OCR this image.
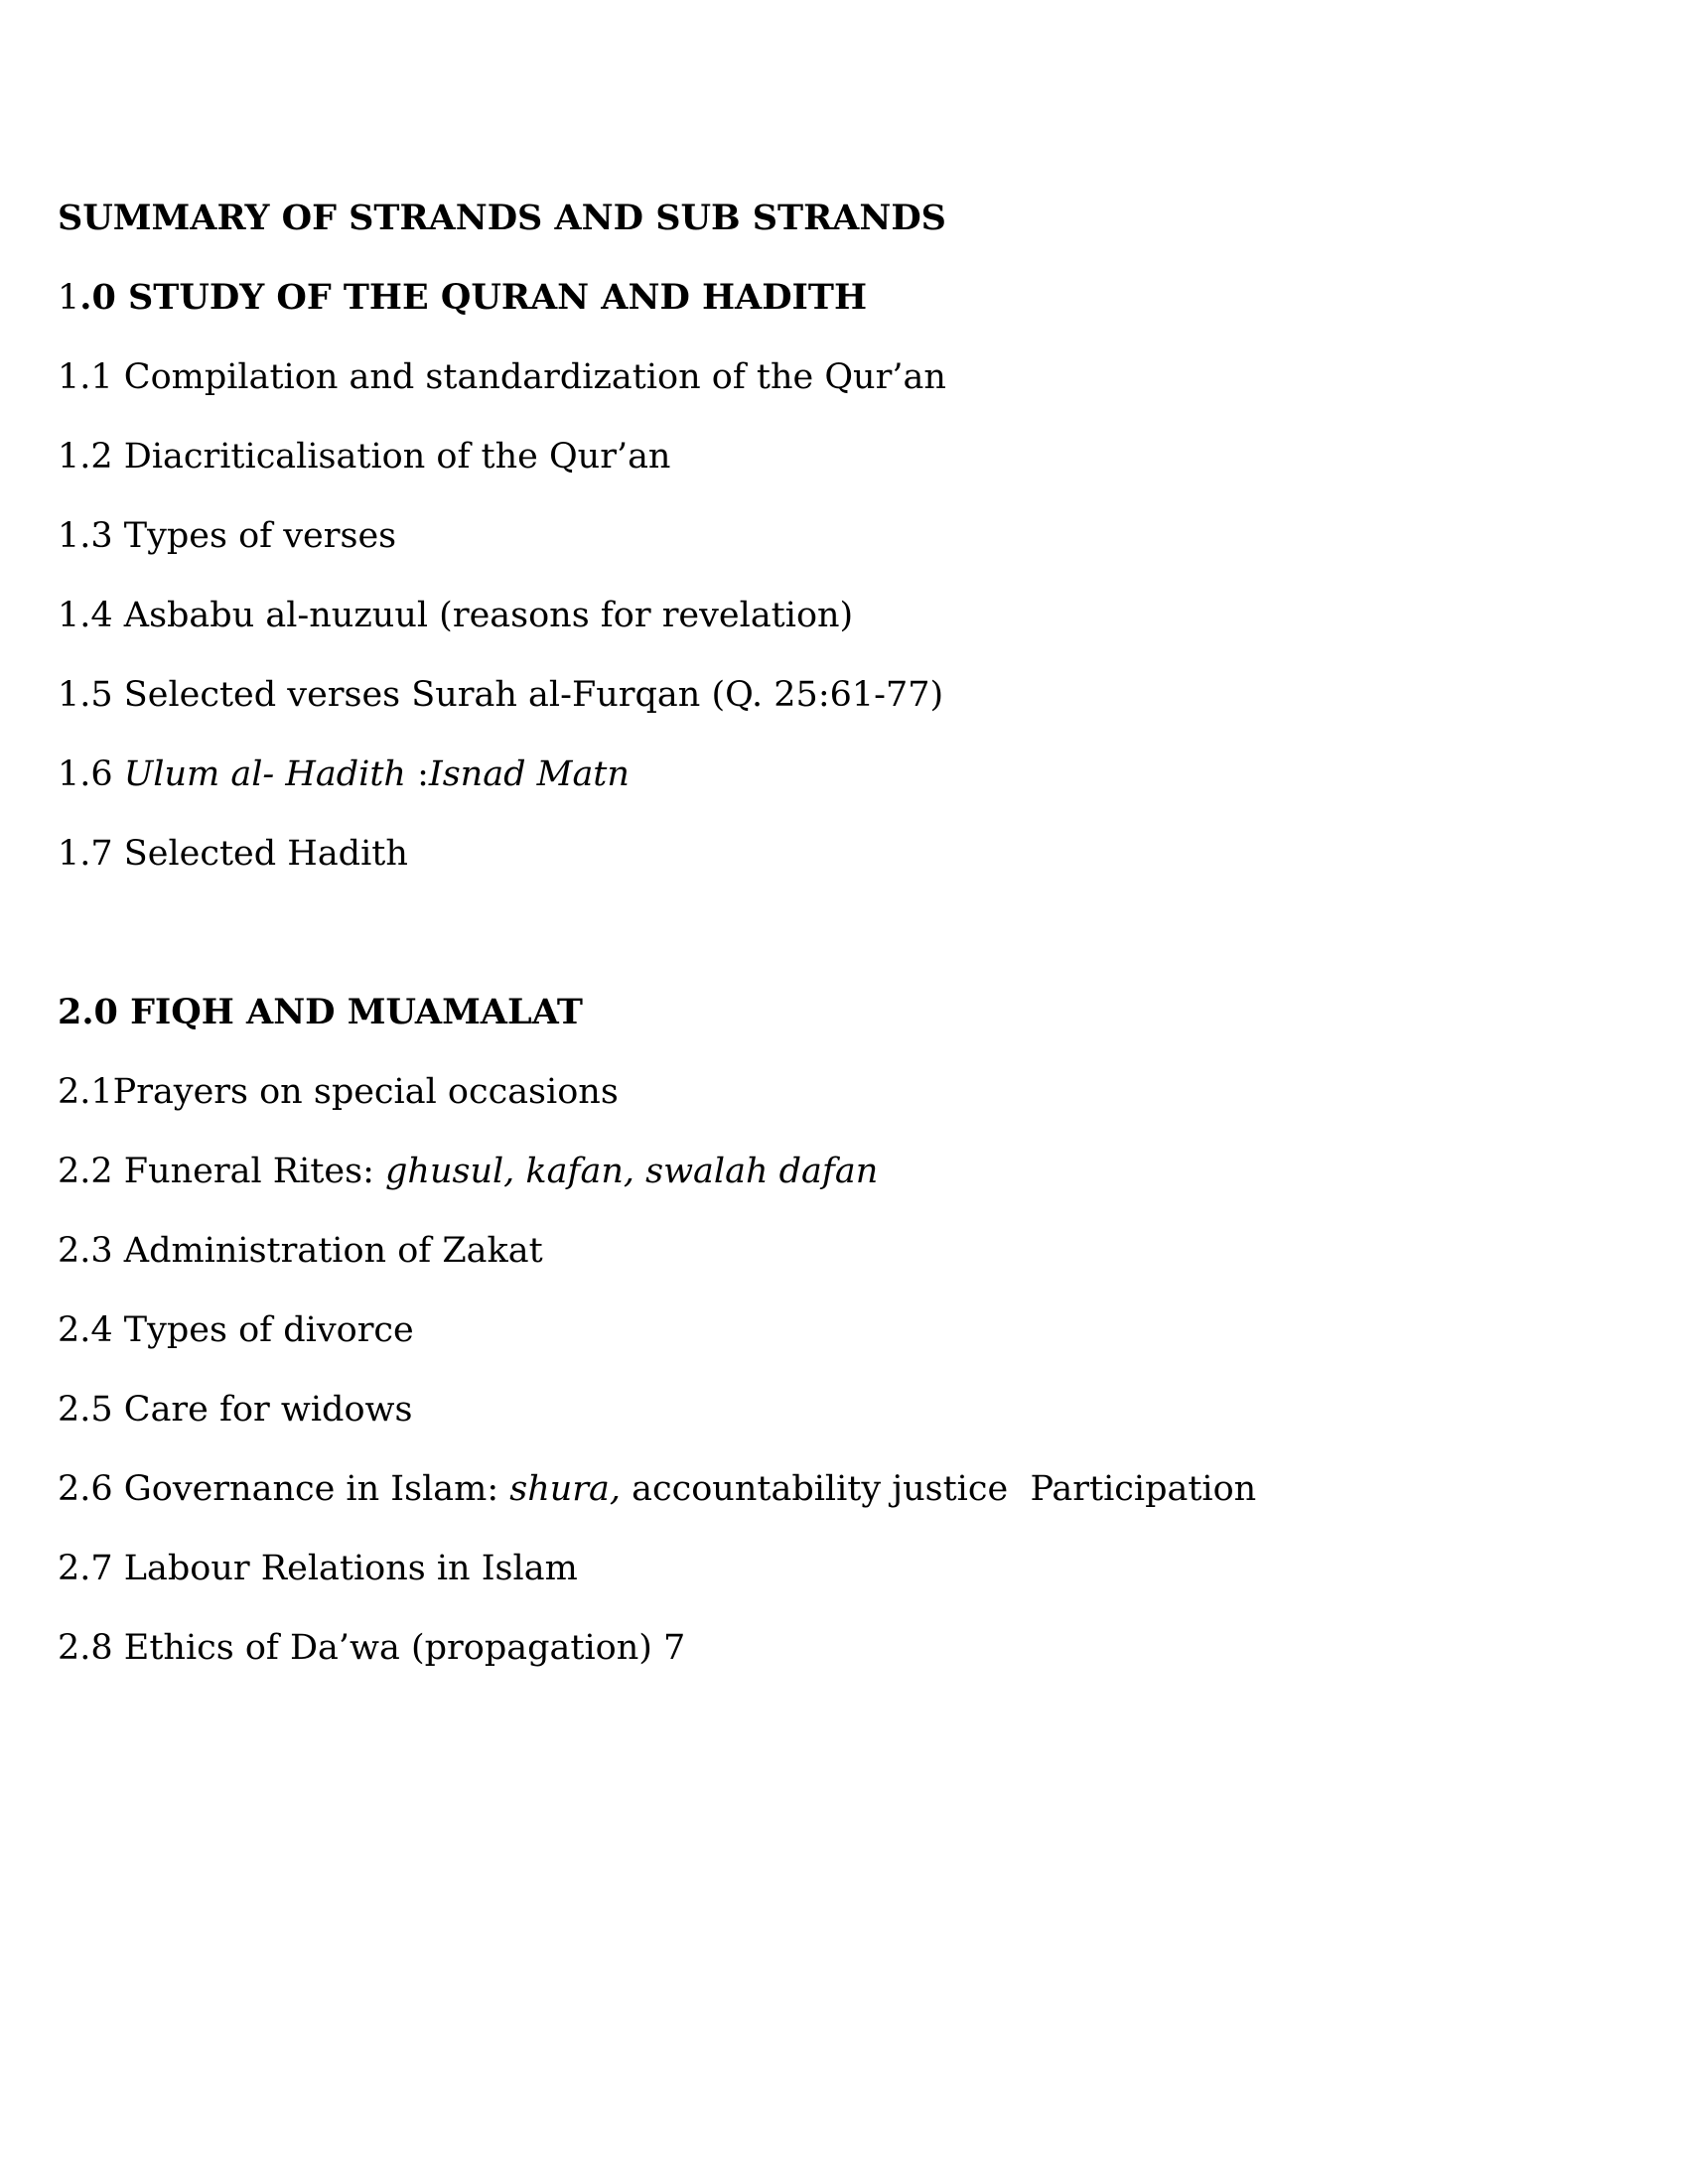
SUMMARY OF STRANDS AND SUB STRANDS
1.0 STUDY OF THE QURAN AND HADITH
1.1 Compilation and standardization of the Qur’an
1.2 Diacriticalisation of the Qur’an
1.3 Types of verses
1.4 Asbabu al-nuzuul (reasons for revelation)
1.5 Selected verses Surah al-Furqan (Q. 25:61-77)
1.6 Ulum al- Hadith :Isnad Matn
1.7 Selected Hadith
2.0 FIQH AND MUAMALAT
2.1Prayers on special occasions
2.2 Funeral Rites: ghusul, kafan, swalah dafan
2.3 Administration of Zakat
2.4 Types of divorce
2.5 Care for widows
2.6 Governance in Islam: shura, accountability justice  Participation
2.7 Labour Relations in Islam
2.8 Ethics of Da’wa (propagation) 7
